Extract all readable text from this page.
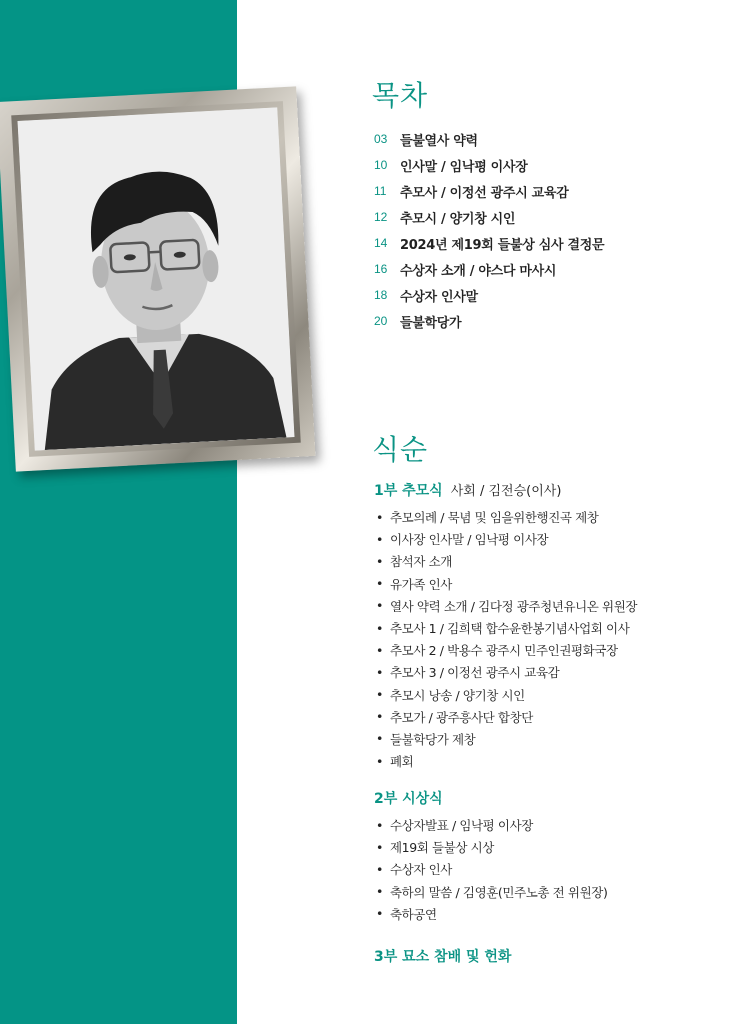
목차
03 들불열사 약력
10 인사말 / 임낙평 이사장
11	추모사 / 이정선 광주시 교육감
12 추모시 / 양기창 시인
14 2024년 제19회 들불상 심사 결정문
16 수상자 소개 / 야스다 마사시
18 수상자 인사말
20 들불학당가
식순
1부 추모식 사회 / 김전승(이사)
• 추모의례 / 묵념 및 임을위한행진곡 제창
• 이사장 인사말 / 임낙평 이사장
• 참석자 소개
• 유가족 인사
• 열사 약력 소개 / 김다정 광주청년유니온 위원장
• 추모사 1 / 김희택 합수윤한봉기념사업회 이사
• 추모사 2 / 박용수 광주시 민주인권평화국장
• 추모사 3 / 이정선 광주시 교육감
• 추모시 낭송 / 양기창 시인
• 추모가 / 광주흥사단 합창단
• 들불학당가 제창
• 폐회
2부 시상식
• 수상자발표 / 임낙평 이사장
• 제19회 들불상 시상
• 수상자 인사
• 축하의 말씀 / 김영훈(민주노총 전 위원장)
• 축하공연
3부 묘소 참배 및 헌화
